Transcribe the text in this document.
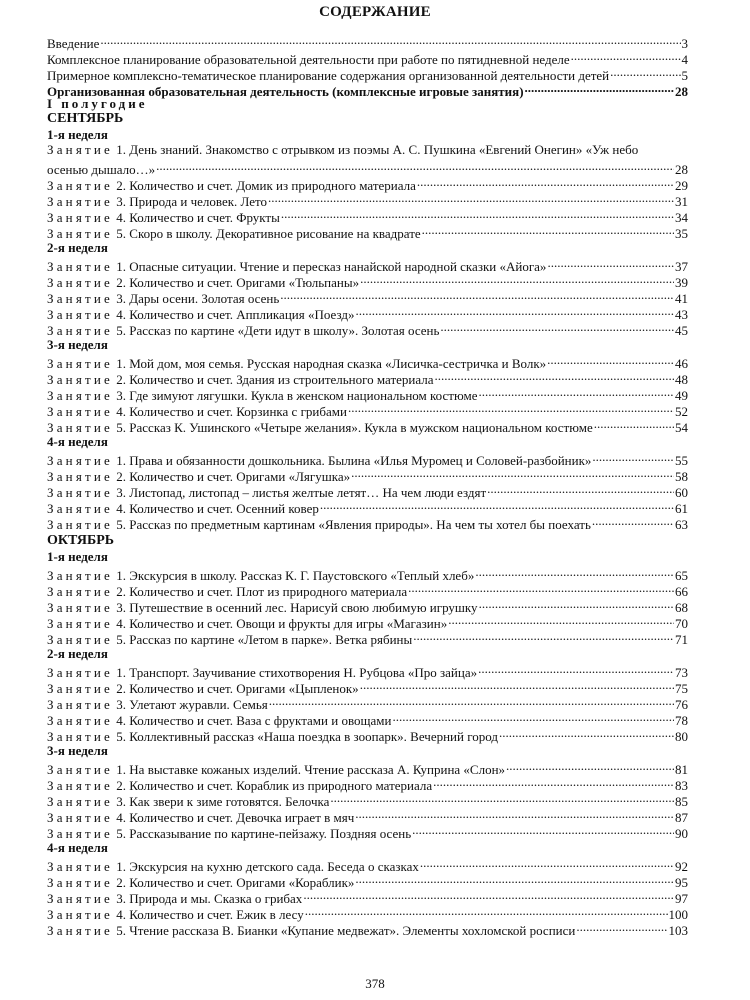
СОДЕРЖАНИЕ
Введение .....	3
Комплексное планирование образовательной деятельности при работе по пятидневной неделе .....	4
Примерное комплексно-тематическое планирование содержания организованной деятельности детей .....	5
Организованная образовательная деятельность (комплексные игровые занятия) .....	28
I полугодие
СЕНТЯБРЬ
1-я неделя
Занятие 1. День знаний. Знакомство с отрывком из поэмы А. С. Пушкина «Евгений Онегин» «Уж небо
осенью дышало…» .....	28
Занятие 2. Количество и счет. Домик из природного материала .....	29
Занятие 3. Природа и человек. Лето .....	31
Занятие 4. Количество и счет. Фрукты .....	34
Занятие 5. Скоро в школу. Декоративное рисование на квадрате .....	35
2-я неделя
Занятие 1. Опасные ситуации. Чтение и пересказ нанайской народной сказки «Айога» .....	37
Занятие 2. Количество и счет. Оригами «Тюльпаны» .....	39
Занятие 3. Дары осени. Золотая осень .....	41
Занятие 4. Количество и счет. Аппликация «Поезд» .....	43
Занятие 5. Рассказ по картине «Дети идут в школу». Золотая осень .....	45
3-я неделя
Занятие 1. Мой дом, моя семья. Русская народная сказка «Лисичка-сестричка и Волк» .....	46
Занятие 2. Количество и счет. Здания из строительного материала .....	48
Занятие 3. Где зимуют лягушки. Кукла в женском национальном костюме .....	49
Занятие 4. Количество и счет. Корзинка с грибами .....	52
Занятие 5. Рассказ К. Ушинского «Четыре желания». Кукла в мужском национальном костюме .....	54
4-я неделя
Занятие 1. Права и обязанности дошкольника. Былина «Илья Муромец и Соловей-разбойник» .....	55
Занятие 2. Количество и счет. Оригами «Лягушка» .....	58
Занятие 3. Листопад, листопад – листья желтые летят… На чем люди ездят .....	60
Занятие 4. Количество и счет. Осенний ковер .....	61
Занятие 5. Рассказ по предметным картинам «Явления природы». На чем ты хотел бы поехать .....	63
ОКТЯБРЬ
1-я неделя
Занятие 1. Экскурсия в школу. Рассказ К. Г. Паустовского «Теплый хлеб» .....	65
Занятие 2. Количество и счет. Плот из природного материала .....	66
Занятие 3. Путешествие в осенний лес. Нарисуй свою любимую игрушку .....	68
Занятие 4. Количество и счет. Овощи и фрукты для игры «Магазин» .....	70
Занятие 5. Рассказ по картине «Летом в парке». Ветка рябины .....	71
2-я неделя
Занятие 1. Транспорт. Заучивание стихотворения Н. Рубцова «Про зайца» .....	73
Занятие 2. Количество и счет. Оригами «Цыпленок» .....	75
Занятие 3. Улетают журавли. Семья .....	76
Занятие 4. Количество и счет. Ваза с фруктами и овощами .....	78
Занятие 5. Коллективный рассказ «Наша поездка в зоопарк». Вечерний город .....	80
3-я неделя
Занятие 1. На выставке кожаных изделий. Чтение рассказа А. Куприна «Слон» .....	81
Занятие 2. Количество и счет. Кораблик из природного материала .....	83
Занятие 3. Как звери к зиме готовятся. Белочка .....	85
Занятие 4. Количество и счет. Девочка играет в мяч .....	87
Занятие 5. Рассказывание по картине-пейзажу. Поздняя осень .....	90
4-я неделя
Занятие 1. Экскурсия на кухню детского сада. Беседа о сказках .....	92
Занятие 2. Количество и счет. Оригами «Кораблик» .....	95
Занятие 3. Природа и мы. Сказка о грибах .....	97
Занятие 4. Количество и счет. Ежик в лесу .....	100
Занятие 5. Чтение рассказа В. Бианки «Купание медвежат». Элементы хохломской росписи .....	103
378
